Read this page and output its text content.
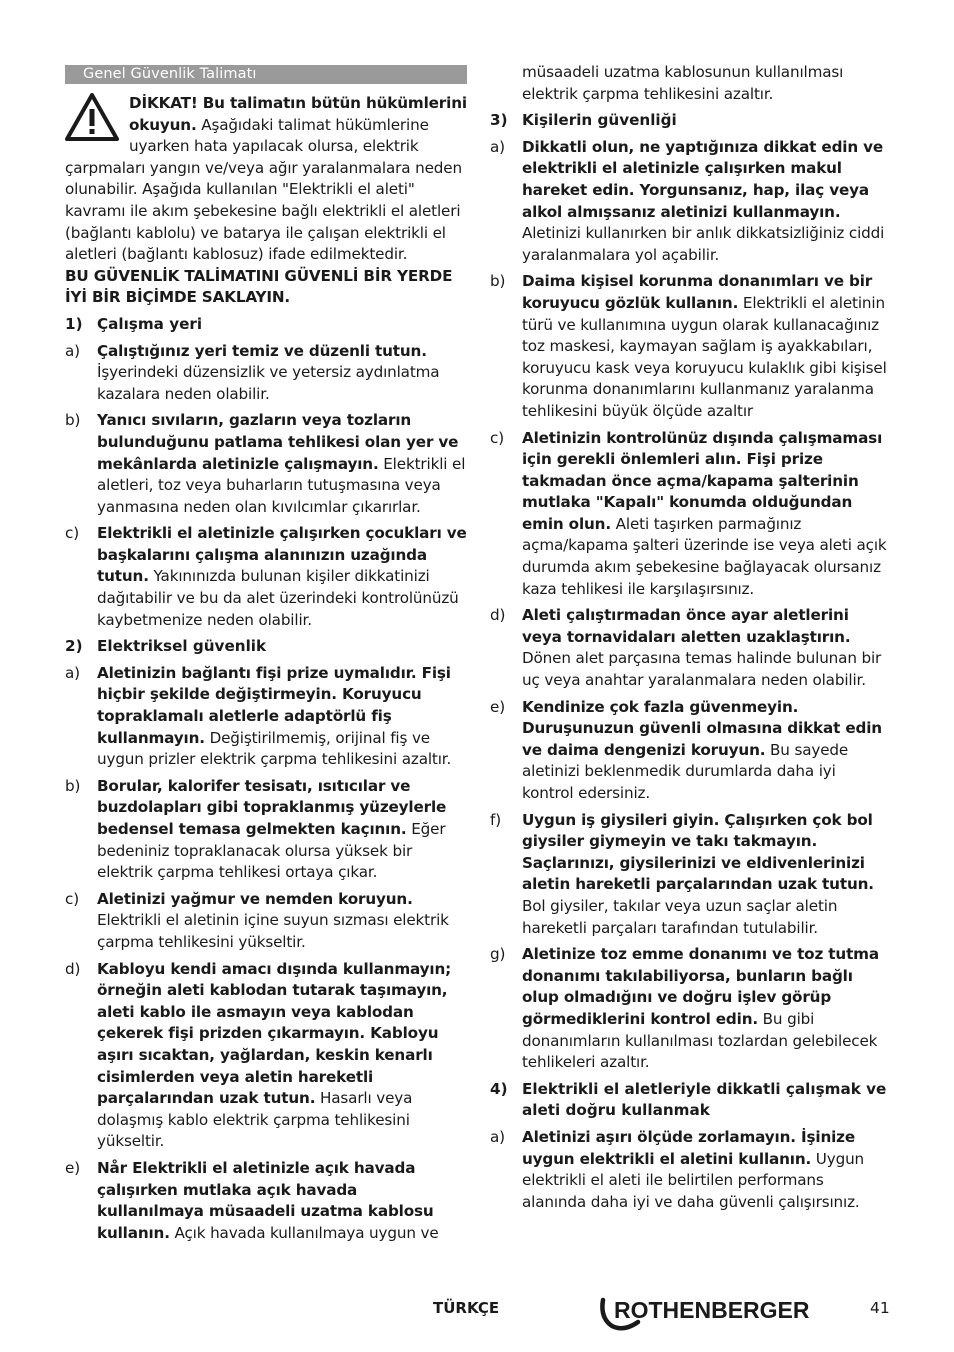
Genel Güvenlik Talimatı

DİKKAT! Bu talimatın bütün hükümlerini okuyun. Aşağıdaki talimat hükümlerine uyarken hata yapılacak olursa, elektrik çarpmaları yangın ve/veya ağır yaralanmalara neden olunabilir. Aşağıda kullanılan "Elektrikli el aleti" kavramı ile akım şebekesine bağlı elektrikli el aletleri (bağlantı kablolu) ve batarya ile çalışan elektrikli el aletleri (bağlantı kablosuz) ifade edilmektedir.

BU GÜVENLİK TALİMATINI GÜVENLİ BİR YERDE İYİ BİR BİÇİMDE SAKLAYIN.

1) Çalışma yeri
a)	Çalıştığınız yeri temiz ve düzenli tutun. İşyerindeki düzensizlik ve yetersiz aydınlatma kazalara neden olabilir.
b)	Yanıcı sıvıların, gazların veya tozların bulunduğunu patlama tehlikesi olan yer ve mekânlarda aletinizle çalışmayın. Elektrikli el aletleri, toz veya buharların tutuşmasına veya yanmasına neden olan kıvılcımlar çıkarırlar.
c)	Elektrikli el aletinizle çalışırken çocukları ve başkalarını çalışma alanınızın uzağında tutun. Yakınınızda bulunan kişiler dikkatinizi dağıtabilir ve bu da alet üzerindeki kontrolünüzü kaybetmenize neden olabilir.
2) Elektriksel güvenlik
a)	Aletinizin bağlantı fişi prize uymalıdır. Fişi hiçbir şekilde değiştirmeyin. Koruyucu topraklamalı aletlerle adaptörlü fiş kullanmayın. Değiştirilmemiş, orijinal fiş ve uygun prizler elektrik çarpma tehlikesini azaltır.
b)	Borular, kalorifer tesisatı, ısıtıcılar ve buzdolapları gibi topraklanmış yüzeylerle bedensel temasa gelmekten kaçının. Eğer bedeniniz topraklanacak olursa yüksek bir elektrik çarpma tehlikesi ortaya çıkar.
c)	Aletinizi yağmur ve nemden koruyun. Elektrikli el aletinin içine suyun sızması elektrik çarpma tehlikesini yükseltir.
d)	Kabloyu kendi amacı dışında kullanmayın; örneğin aleti kablodan tutarak taşımayın, aleti kablo ile asmayın veya kablodan çekerek fişi prizden çıkarmayın. Kabloyu aşırı sıcaktan, yağlardan, keskin kenarlı cisimlerden veya aletin hareketli parçalarından uzak tutun. Hasarlı veya dolaşmış kablo elektrik çarpma tehlikesini yükseltir.
e)	Når Elektrikli el aletinizle açık havada çalışırken mutlaka açık havada kullanılmaya müsaadeli uzatma kablosu kullanın. Açık havada kullanılmaya uygun ve
müsaadeli uzatma kablosunun kullanılması elektrik çarpma tehlikesini azaltır.
3) Kişilerin güvenliği
a)	Dikkatli olun, ne yaptığınıza dikkat edin ve elektrikli el aletinizle çalışırken makul hareket edin. Yorgunsanız, hap, ilaç veya alkol almışsanız aletinizi kullanmayın. Aletinizi kullanırken bir anlık dikkatsizliğiniz ciddi yaralanmalara yol açabilir.
b)	Daima kişisel korunma donanımları ve bir koruyucu gözlük kullanın. Elektrikli el aletinin türü ve kullanımına uygun olarak kullanacağınız toz maskesi, kaymayan sağlam iş ayakkabıları, koruyucu kask veya koruyucu kulaklık gibi kişisel korunma donanımlarını kullanmanız yaralanma tehlikesini büyük ölçüde azaltır
c)	Aletinizin kontrolünüz dışında çalışmaması için gerekli önlemleri alın. Fişi prize takmadan önce açma/kapama şalterinin mutlaka "Kapalı" konumda olduğundan emin olun. Aleti taşırken parmağınız açma/kapama şalteri üzerinde ise veya aleti açık durumda akım şebekesine bağlayacak olursanız kaza tehlikesi ile karşılaşırsınız.
d)	Aleti çalıştırmadan önce ayar aletlerini veya tornavidaları aletten uzaklaştırın. Dönen alet parçasına temas halinde bulunan bir uç veya anahtar yaralanmalara neden olabilir.
e)	Kendinize çok fazla güvenmeyin. Duruşunuzun güvenli olmasına dikkat edin ve daima dengenizi koruyun. Bu sayede aletinizi beklenmedik durumlarda daha iyi kontrol edersiniz.
f)	Uygun iş giysileri giyin. Çalışırken çok bol giysiler giymeyin ve takı takmayın. Saçlarınızı, giysilerinizi ve eldivenlerinizi aletin hareketli parçalarından uzak tutun. Bol giysiler, takılar veya uzun saçlar aletin hareketli parçaları tarafından tutulabilir.
g)	Aletinize toz emme donanımı ve toz tutma donanımı takılabiliyorsa, bunların bağlı olup olmadığını ve doğru işlev görüp görmediklerini kontrol edin. Bu gibi donanımların kullanılması tozlardan gelebilecek tehlikeleri azaltır.
4) Elektrikli el aletleriyle dikkatli çalışmak ve aleti doğru kullanmak
a)	Aletinizi aşırı ölçüde zorlamayın. İşinize uygun elektrikli el aletini kullanın. Uygun elektrikli el aleti ile belirtilen performans alanında daha iyi ve daha güvenli çalışırsınız.
TÜRKÇE	ROTHENBERGER	41
